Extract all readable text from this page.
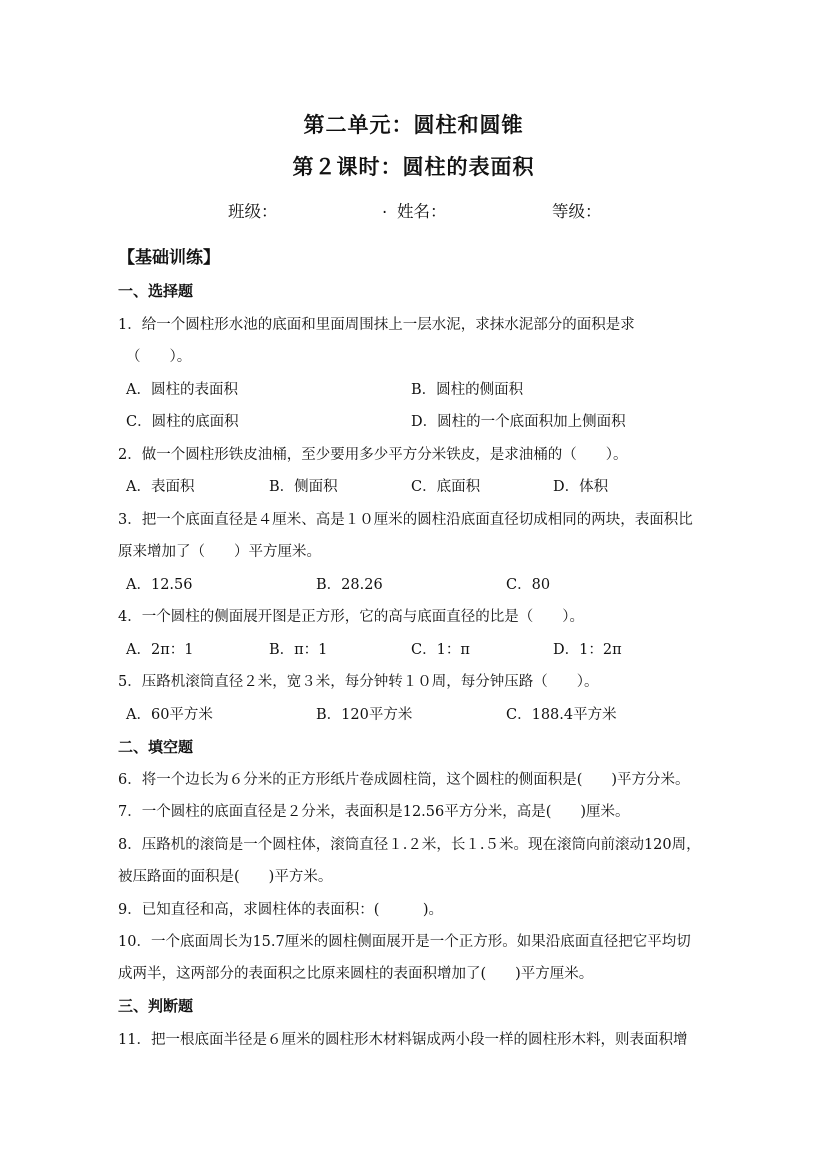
第二单元：圆柱和圆锥
第２课时：圆柱的表面积
班级：	. 姓名：	等级：
【基础训练】
一、选择题
1．给一个圆柱形水池的底面和里面周围抹上一层水泥，求抹水泥部分的面积是求
（　　）。
A．圆柱的表面积	B．圆柱的侧面积
C．圆柱的底面积	D．圆柱的一个底面积加上侧面积
2．做一个圆柱形铁皮油桶，至少要用多少平方分米铁皮，是求油桶的（　　）。
A．表面积	B．侧面积	C．底面积	D．体积
3．把一个底面直径是４厘米、高是１０厘米的圆柱沿底面直径切成相同的两块，表面积比
原来增加了（　　）平方厘米。
A．12.56	B．28.26	C．80
4．一个圆柱的侧面展开图是正方形，它的高与底面直径的比是（　　）。
A．2π：1	B．π：1	C．1：π	D．1：2π
5．压路机滚筒直径２米，宽３米，每分钟转１０周，每分钟压路（　　）。
A．60平方米	B．120平方米	C．188.4平方米
二、填空题
6．将一个边长为６分米的正方形纸片卷成圆柱筒，这个圆柱的侧面积是(　　)平方分米。
7．一个圆柱的底面直径是２分米，表面积是12.56平方分米，高是(　　)厘米。
8．压路机的滚筒是一个圆柱体，滚筒直径１.２米，长１.５米。现在滚筒向前滚动120周，
被压路面的面积是(　　)平方米。
9．已知直径和高，求圆柱体的表面积：(　　　)。
10．一个底面周长为15.7厘米的圆柱侧面展开是一个正方形。如果沿底面直径把它平均切
成两半，这两部分的表面积之比原来圆柱的表面积增加了(　　)平方厘米。
三、判断题
11．把一根底面半径是６厘米的圆柱形木材料锯成两小段一样的圆柱形木料，则表面积增
